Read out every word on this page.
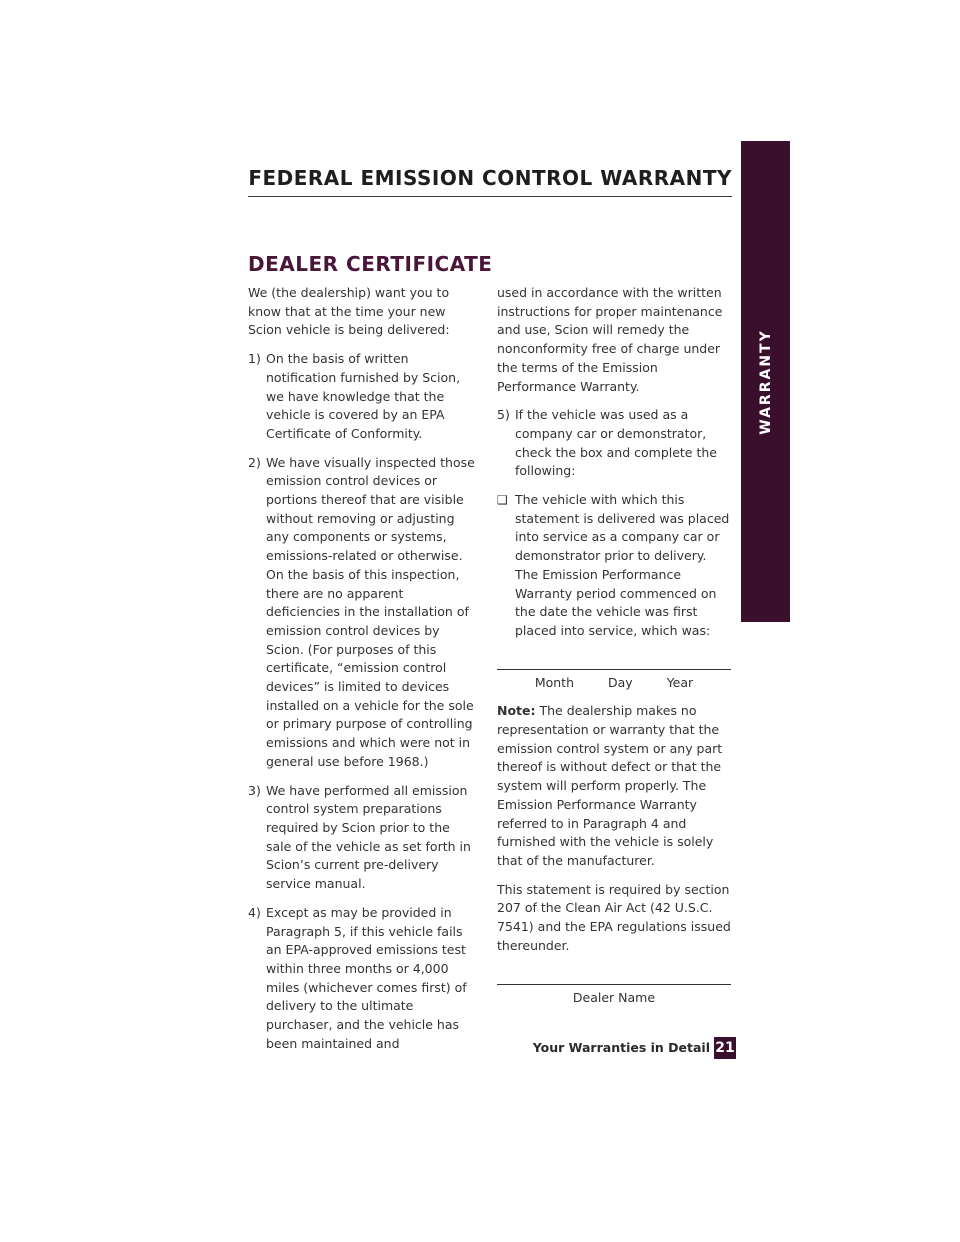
FEDERAL EMISSION CONTROL WARRANTY
WARRANTY
DEALER CERTIFICATE

We (the dealership) want you to know that at the time your new Scion vehicle is being delivered:

1) On the basis of written notification furnished by Scion, we have knowledge that the vehicle is covered by an EPA Certificate of Conformity.
2) We have visually inspected those emission control devices or portions thereof that are visible without removing or adjusting any components or systems, emissions-related or otherwise. On the basis of this inspection, there are no apparent deficiencies in the installation of emission control devices by Scion. (For purposes of this certificate, “emission control devices” is limited to devices installed on a vehicle for the sole or primary purpose of controlling emissions and which were not in general use before 1968.)
3) We have performed all emission control system preparations required by Scion prior to the sale of the vehicle as set forth in Scion’s current pre-delivery service manual.
4) Except as may be provided in Paragraph 5, if this vehicle fails an EPA-approved emissions test within three months or 4,000 miles (whichever comes first) of delivery to the ultimate purchaser, and the vehicle has been maintained and

used in accordance with the written instructions for proper maintenance and use, Scion will remedy the nonconformity free of charge under the terms of the Emission Performance Warranty.

5) If the vehicle was used as a company car or demonstrator, check the box and complete the following:
❑ The vehicle with which this statement is delivered was placed into service as a company car or demonstrator prior to delivery. The Emission Performance Warranty period commenced on the date the vehicle was first placed into service, which was:
Month	Day	Year

Note: The dealership makes no representation or warranty that the emission control system or any part thereof is without defect or that the system will perform properly. The Emission Performance Warranty referred to in Paragraph 4 and furnished with the vehicle is solely that of the manufacturer.

This statement is required by section 207 of the Clean Air Act (42 U.S.C. 7541) and the EPA regulations issued thereunder.

Dealer Name
Your Warranties in Detail 21
